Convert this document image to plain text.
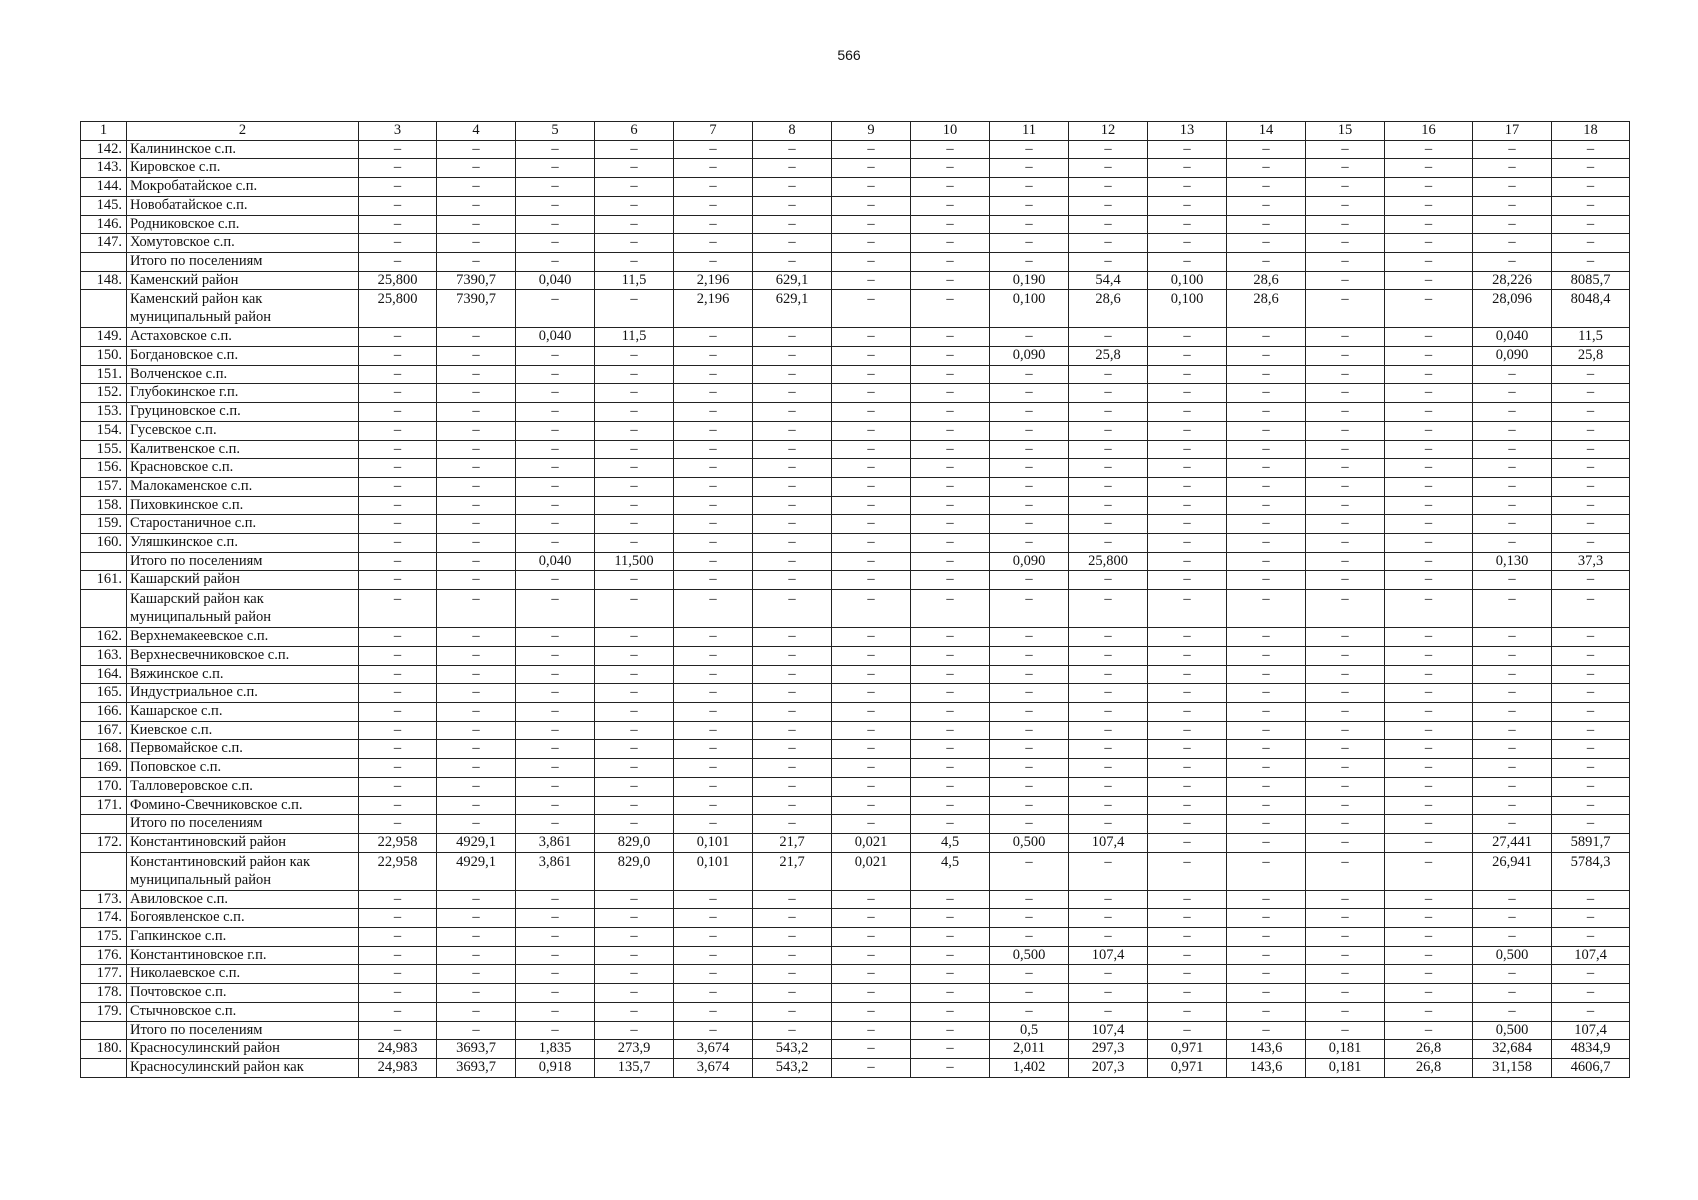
566
1	2	3	4	5	6	7	8	9	10	11	12	13	14	15	16	17	18
142.	Калининское с.п.	–	–	–	–	–	–	–	–	–	–	–	–	–	–	–	–
143.	Кировское с.п.	–	–	–	–	–	–	–	–	–	–	–	–	–	–	–	–
144.	Мокробатайское с.п.	–	–	–	–	–	–	–	–	–	–	–	–	–	–	–	–
145.	Новобатайское с.п.	–	–	–	–	–	–	–	–	–	–	–	–	–	–	–	–
146.	Родниковское с.п.	–	–	–	–	–	–	–	–	–	–	–	–	–	–	–	–
147.	Хомутовское с.п.	–	–	–	–	–	–	–	–	–	–	–	–	–	–	–	–
	Итого по поселениям	–	–	–	–	–	–	–	–	–	–	–	–	–	–	–	–
148.	Каменский район	25,800	7390,7	0,040	11,5	2,196	629,1	–	–	0,190	54,4	0,100	28,6	–	–	28,226	8085,7
	Каменский район как муниципальный район	25,800	7390,7	–	–	2,196	629,1	–	–	0,100	28,6	0,100	28,6	–	–	28,096	8048,4
149.	Астаховское с.п.	–	–	0,040	11,5	–	–	–	–	–	–	–	–	–	–	0,040	11,5
150.	Богдановское с.п.	–	–	–	–	–	–	–	–	0,090	25,8	–	–	–	–	0,090	25,8
151.	Волченское с.п.	–	–	–	–	–	–	–	–	–	–	–	–	–	–	–	–
152.	Глубокинское г.п.	–	–	–	–	–	–	–	–	–	–	–	–	–	–	–	–
153.	Груциновское с.п.	–	–	–	–	–	–	–	–	–	–	–	–	–	–	–	–
154.	Гусевское с.п.	–	–	–	–	–	–	–	–	–	–	–	–	–	–	–	–
155.	Калитвенское с.п.	–	–	–	–	–	–	–	–	–	–	–	–	–	–	–	–
156.	Красновское с.п.	–	–	–	–	–	–	–	–	–	–	–	–	–	–	–	–
157.	Малокаменское с.п.	–	–	–	–	–	–	–	–	–	–	–	–	–	–	–	–
158.	Пиховкинское с.п.	–	–	–	–	–	–	–	–	–	–	–	–	–	–	–	–
159.	Старостаничное с.п.	–	–	–	–	–	–	–	–	–	–	–	–	–	–	–	–
160.	Уляшкинское с.п.	–	–	–	–	–	–	–	–	–	–	–	–	–	–	–	–
	Итого по поселениям	–	–	0,040	11,500	–	–	–	–	0,090	25,800	–	–	–	–	0,130	37,3
161.	Кашарский район	–	–	–	–	–	–	–	–	–	–	–	–	–	–	–	–
	Кашарский район как муниципальный район	–	–	–	–	–	–	–	–	–	–	–	–	–	–	–	–
162.	Верхнемакеевское с.п.	–	–	–	–	–	–	–	–	–	–	–	–	–	–	–	–
163.	Верхнесвечниковское с.п.	–	–	–	–	–	–	–	–	–	–	–	–	–	–	–	–
164.	Вяжинское с.п.	–	–	–	–	–	–	–	–	–	–	–	–	–	–	–	–
165.	Индустриальное с.п.	–	–	–	–	–	–	–	–	–	–	–	–	–	–	–	–
166.	Кашарское с.п.	–	–	–	–	–	–	–	–	–	–	–	–	–	–	–	–
167.	Киевское с.п.	–	–	–	–	–	–	–	–	–	–	–	–	–	–	–	–
168.	Первомайское с.п.	–	–	–	–	–	–	–	–	–	–	–	–	–	–	–	–
169.	Поповское с.п.	–	–	–	–	–	–	–	–	–	–	–	–	–	–	–	–
170.	Талловеровское с.п.	–	–	–	–	–	–	–	–	–	–	–	–	–	–	–	–
171.	Фомино-Свечниковское с.п.	–	–	–	–	–	–	–	–	–	–	–	–	–	–	–	–
	Итого по поселениям	–	–	–	–	–	–	–	–	–	–	–	–	–	–	–	–
172.	Константиновский район	22,958	4929,1	3,861	829,0	0,101	21,7	0,021	4,5	0,500	107,4	–	–	–	–	27,441	5891,7
	Константиновский район как муниципальный район	22,958	4929,1	3,861	829,0	0,101	21,7	0,021	4,5	–	–	–	–	–	–	26,941	5784,3
173.	Авиловское с.п.	–	–	–	–	–	–	–	–	–	–	–	–	–	–	–	–
174.	Богоявленское с.п.	–	–	–	–	–	–	–	–	–	–	–	–	–	–	–	–
175.	Гапкинское с.п.	–	–	–	–	–	–	–	–	–	–	–	–	–	–	–	–
176.	Константиновское г.п.	–	–	–	–	–	–	–	–	0,500	107,4	–	–	–	–	0,500	107,4
177.	Николаевское с.п.	–	–	–	–	–	–	–	–	–	–	–	–	–	–	–	–
178.	Почтовское с.п.	–	–	–	–	–	–	–	–	–	–	–	–	–	–	–	–
179.	Стычновское с.п.	–	–	–	–	–	–	–	–	–	–	–	–	–	–	–	–
	Итого по поселениям	–	–	–	–	–	–	–	–	0,5	107,4	–	–	–	–	0,500	107,4
180.	Красносулинский район	24,983	3693,7	1,835	273,9	3,674	543,2	–	–	2,011	297,3	0,971	143,6	0,181	26,8	32,684	4834,9
	Красносулинский район как	24,983	3693,7	0,918	135,7	3,674	543,2	–	–	1,402	207,3	0,971	143,6	0,181	26,8	31,158	4606,7
